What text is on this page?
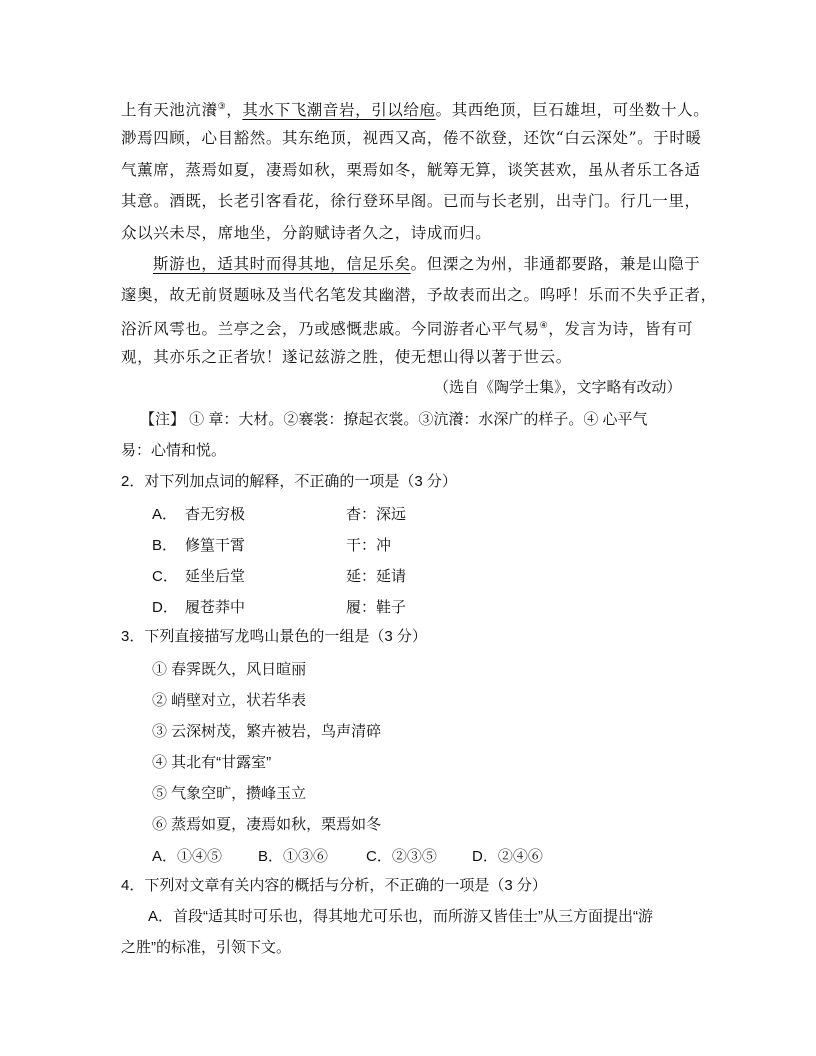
上有天池沆瀁③，其水下飞潮音岩，引以给庖。其西绝顶，巨石雄坦，可坐数十人。
渺焉四顾，心目豁然。其东绝顶，视西又高，倦不欲登，还饮“白云深处”。于时暖
气薰席，蒸焉如夏，凄焉如秋，栗焉如冬，觥筹无算，谈笑甚欢，虽从者乐工各适
其意。酒既，长老引客看花，徐行登环早阁。已而与长老别，出寺门。行几一里，
众以兴未尽，席地坐，分韵赋诗者久之，诗成而归。
斯游也，适其时而得其地，信足乐矣。但溧之为州，非通都要路，兼是山隐于
邃奥，故无前贤题咏及当代名笔发其幽潜，予故表而出之。呜呼！乐而不失乎正者，
浴沂风雩也。兰亭之会，乃或感慨悲戚。今同游者心平气易④，发言为诗，皆有可
观，其亦乐之正者欤！遂记兹游之胜，使无想山得以著于世云。
（选自《陶学士集》，文字略有改动）
【注】 ① 章：大材。②褰裳：撩起衣裳。③沆瀁：水深广的样子。④ 心平气
易：心情和悦。
2．对下列加点词的解释，不正确的一项是（3 分）
A． 杳无穷极	杳：深远
B． 修篁干霄	干：冲
C． 延坐后堂	延：延请
D． 履苍莽中	履：鞋子
3．下列直接描写龙鸣山景色的一组是（3 分）
① 春霁既久，风日暄丽
② 峭壁对立，状若华表
③ 云深树茂，繁卉被岩，鸟声清碎
④ 其北有“甘露室”
⑤ 气象空旷，攒峰玉立
⑥ 蒸焉如夏，凄焉如秋，栗焉如冬
A．①④⑤ B．①③⑥	C．②③⑤ D．②④⑥
4．下列对文章有关内容的概括与分析，不正确的一项是（3 分）
A．首段“适其时可乐也，得其地尤可乐也，而所游又皆佳士”从三方面提出“游
之胜”的标准，引领下文。
